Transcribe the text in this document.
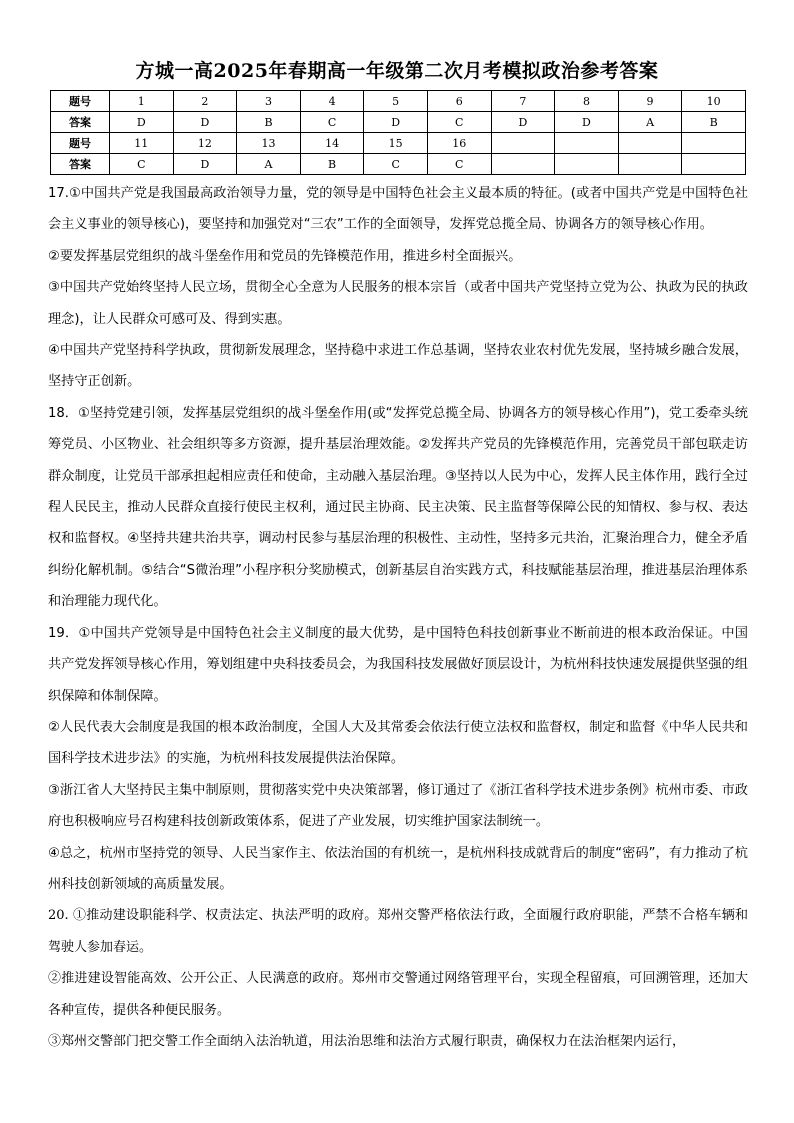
方城一高2025年春期高一年级第二次月考模拟政治参考答案
题号	1	2	3	4	5	6	7	8	9	10
答案	D	D	B	C	D	C	D	D	A	B
题号	11	12	13	14	15	16				
答案	C	D	A	B	C	C				

17.①中国共产党是我国最高政治领导力量，党的领导是中国特色社会主义最本质的特征。(或者中国共产党是中国特色社会主义事业的领导核心)，要坚持和加强党对“三农”工作的全面领导，发挥党总揽全局、协调各方的领导核心作用。

②要发挥基层党组织的战斗堡垒作用和党员的先锋模范作用，推进乡村全面振兴。

③中国共产党始终坚持人民立场，贯彻全心全意为人民服务的根本宗旨（或者中国共产党坚持立党为公、执政为民的执政理念)，让人民群众可感可及、得到实惠。

④中国共产党坚持科学执政，贯彻新发展理念，坚持稳中求进工作总基调，坚持农业农村优先发展，坚持城乡融合发展，坚持守正创新。

18．①坚持党建引领，发挥基层党组织的战斗堡垒作用(或“发挥党总揽全局、协调各方的领导核心作用”)，党工委牵头统筹党员、小区物业、社会组织等多方资源，提升基层治理效能。②发挥共产党员的先锋模范作用，完善党员干部包联走访群众制度，让党员干部承担起相应责任和使命，主动融入基层治理。③坚持以人民为中心，发挥人民主体作用，践行全过程人民民主，推动人民群众直接行使民主权利，通过民主协商、民主决策、民主监督等保障公民的知情权、参与权、表达权和监督权。④坚持共建共治共享，调动村民参与基层治理的积极性、主动性，坚持多元共治，汇聚治理合力，健全矛盾纠纷化解机制。⑤结合“S微治理”小程序积分奖励模式，创新基层自治实践方式，科技赋能基层治理，推进基层治理体系和治理能力现代化。

19．①中国共产党领导是中国特色社会主义制度的最大优势，是中国特色科技创新事业不断前进的根本政治保证。中国共产党发挥领导核心作用，筹划组建中央科技委员会，为我国科技发展做好顶层设计，为杭州科技快速发展提供坚强的组织保障和体制保障。

②人民代表大会制度是我国的根本政治制度，全国人大及其常委会依法行使立法权和监督权，制定和监督《中华人民共和国科学技术进步法》的实施，为杭州科技发展提供法治保障。

③浙江省人大坚持民主集中制原则，贯彻落实党中央决策部署，修订通过了《浙江省科学技术进步条例》杭州市委、市政府也积极响应号召构建科技创新政策体系，促进了产业发展，切实维护国家法制统一。

④总之，杭州市坚持党的领导、人民当家作主、依法治国的有机统一，是杭州科技成就背后的制度“密码”，有力推动了杭州科技创新领域的高质量发展。

20. ①推动建设职能科学、权责法定、执法严明的政府。郑州交警严格依法行政，全面履行政府职能，严禁不合格车辆和驾驶人参加春运。

②推进建设智能高效、公开公正、人民满意的政府。郑州市交警通过网络管理平台，实现全程留痕，可回溯管理，还加大各种宣传，提供各种便民服务。

③郑州交警部门把交警工作全面纳入法治轨道，用法治思维和法治方式履行职责，确保权力在法治框架内运行，
